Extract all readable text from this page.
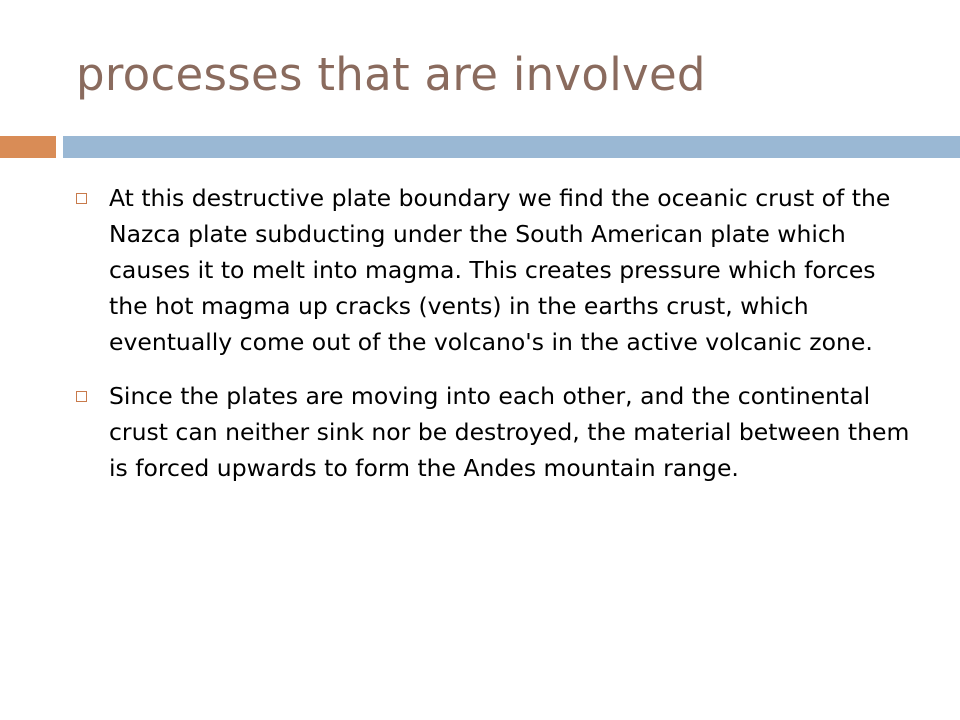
processes that are involved
At this destructive plate boundary we find the oceanic crust of the Nazca plate subducting under the South American plate which causes it to melt into magma. This creates pressure which forces the hot magma up cracks (vents) in the earths crust, which eventually come out of the volcano's in the active volcanic zone.
Since the plates are moving into each other, and the continental crust can neither sink nor be destroyed, the material between them is forced upwards to form the Andes mountain range.
